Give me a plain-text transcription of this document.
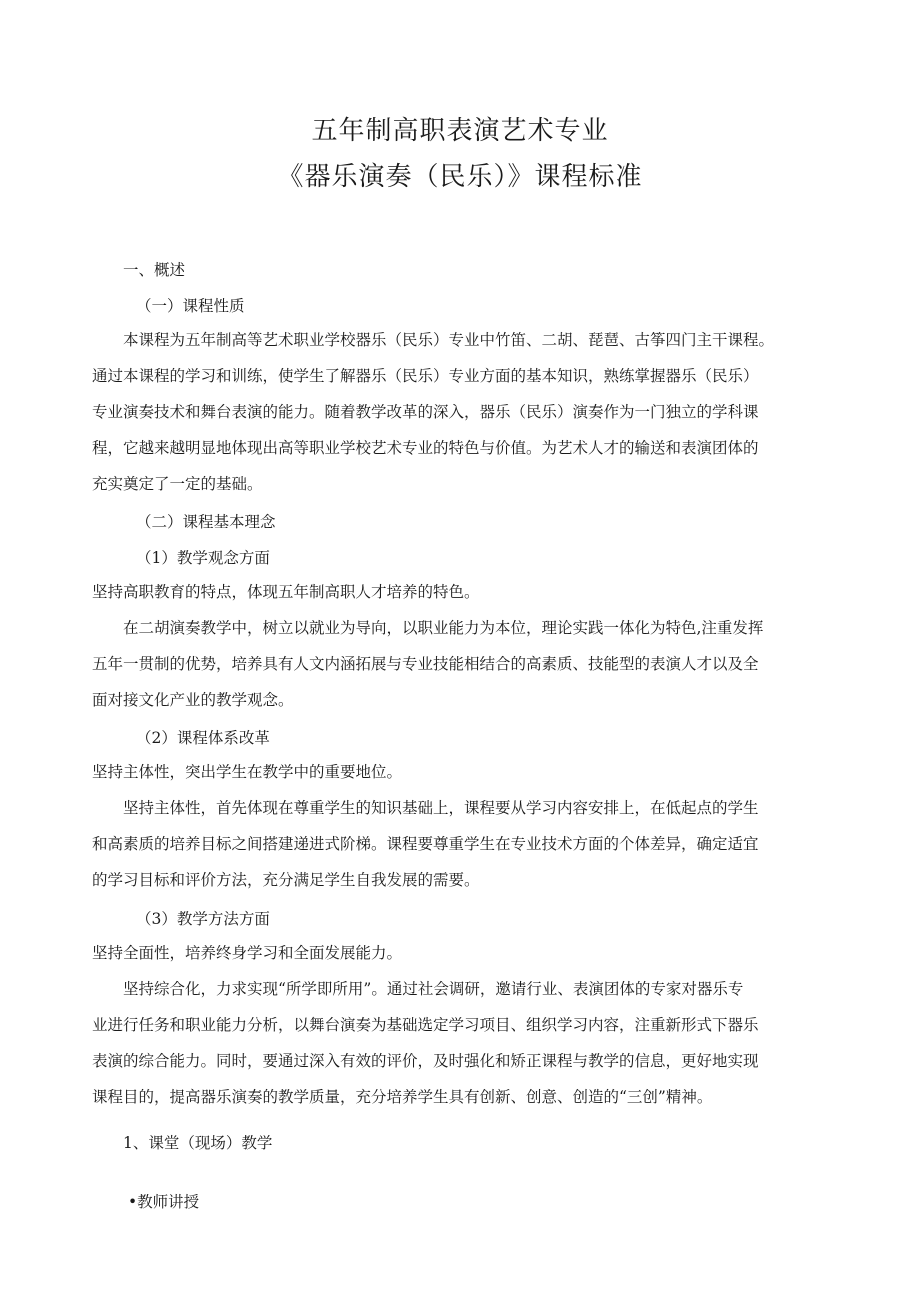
五年制高职表演艺术专业
《器乐演奏（民乐）》课程标准
一、概述
（一）课程性质
本课程为五年制高等艺术职业学校器乐（民乐）专业中竹笛、二胡、琵琶、古筝四门主干课程。
通过本课程的学习和训练，使学生了解器乐（民乐）专业方面的基本知识，熟练掌握器乐（民乐）
专业演奏技术和舞台表演的能力。随着教学改革的深入，器乐（民乐）演奏作为一门独立的学科课
程，它越来越明显地体现出高等职业学校艺术专业的特色与价值。为艺术人才的输送和表演团体的
充实奠定了一定的基础。
（二）课程基本理念
（1）教学观念方面
坚持高职教育的特点，体现五年制高职人才培养的特色。
在二胡演奏教学中，树立以就业为导向，以职业能力为本位，理论实践一体化为特色,注重发挥
五年一贯制的优势，培养具有人文内涵拓展与专业技能相结合的高素质、技能型的表演人才以及全
面对接文化产业的教学观念。
（2）课程体系改革
坚持主体性，突出学生在教学中的重要地位。
坚持主体性，首先体现在尊重学生的知识基础上，课程要从学习内容安排上，在低起点的学生
和高素质的培养目标之间搭建递进式阶梯。课程要尊重学生在专业技术方面的个体差异，确定适宜
的学习目标和评价方法，充分满足学生自我发展的需要。
（3）教学方法方面
坚持全面性，培养终身学习和全面发展能力。
坚持综合化，力求实现“所学即所用”。通过社会调研，邀请行业、表演团体的专家对器乐专
业进行任务和职业能力分析，以舞台演奏为基础选定学习项目、组织学习内容，注重新形式下器乐
表演的综合能力。同时，要通过深入有效的评价，及时强化和矫正课程与教学的信息，更好地实现
课程目的，提高器乐演奏的教学质量，充分培养学生具有创新、创意、创造的“三创”精神。
1、课堂（现场）教学
•教师讲授
